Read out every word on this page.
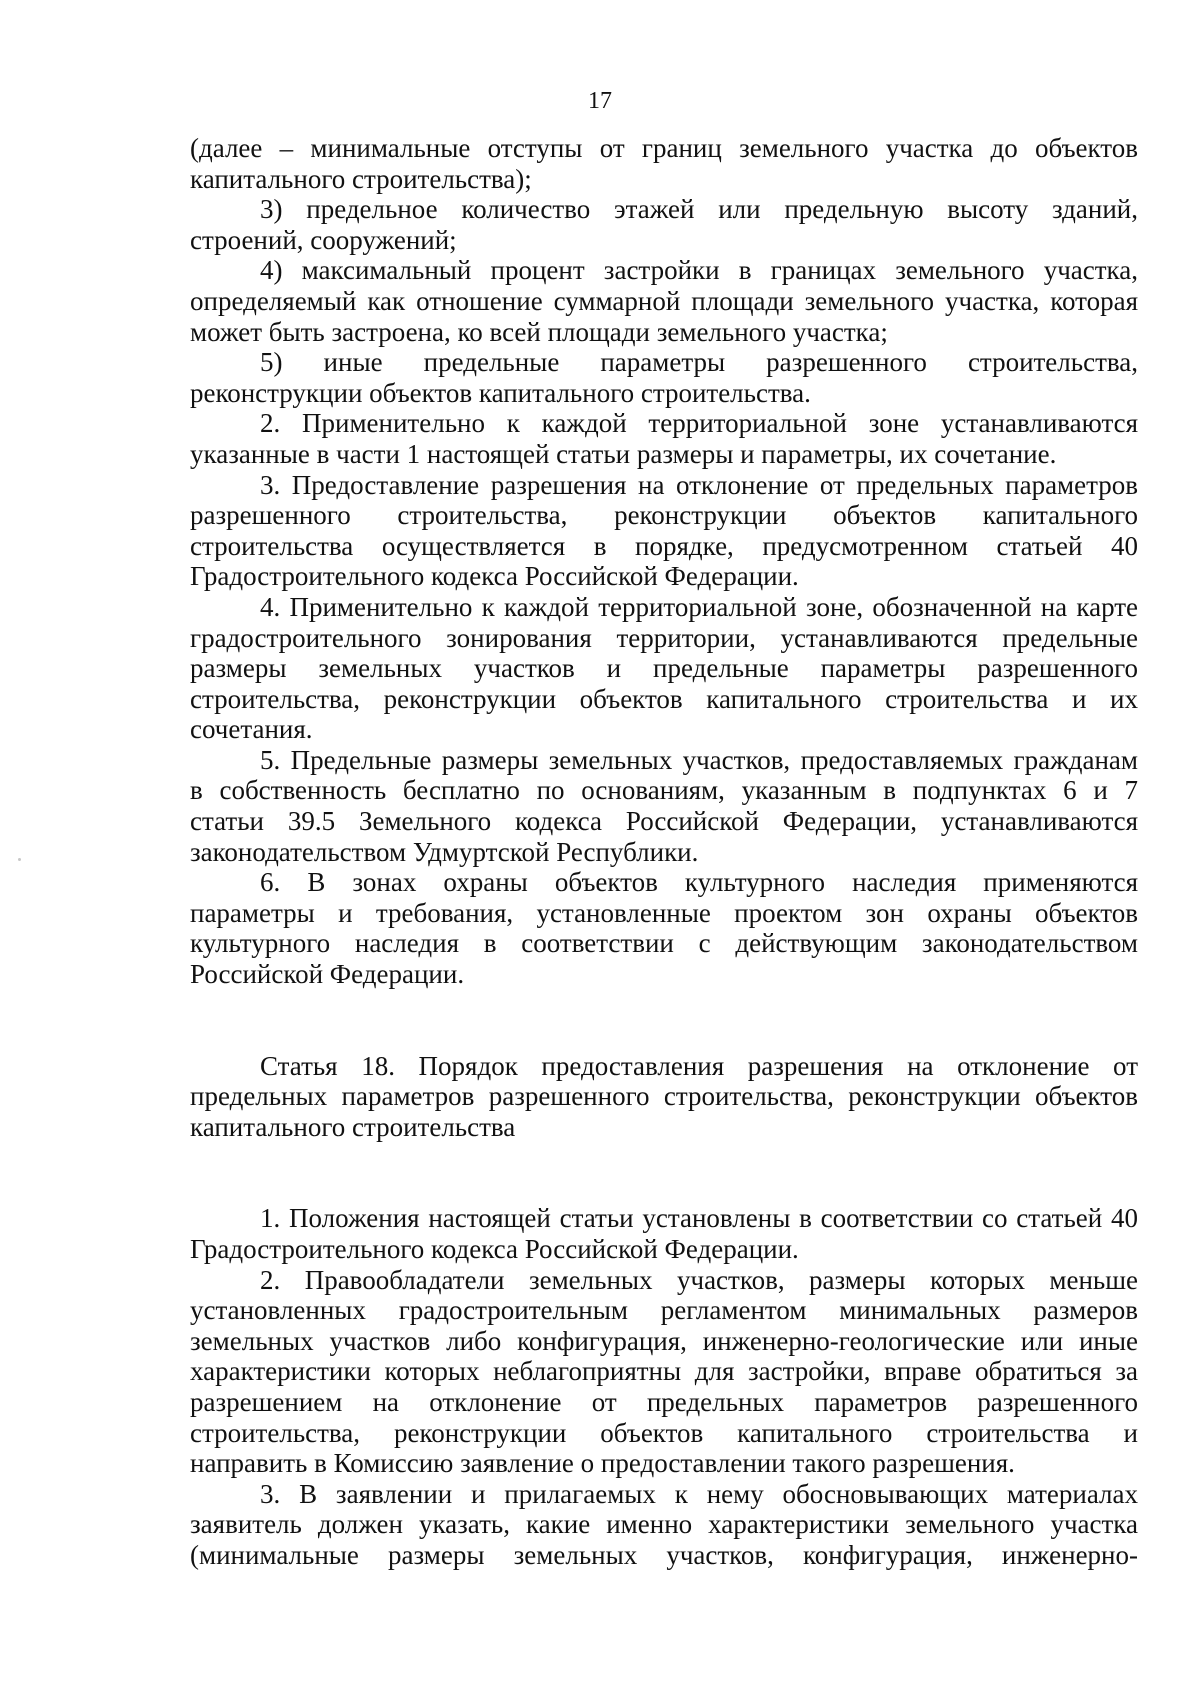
17

(далее – минимальные отступы от границ земельного участка до объектов
капитального строительства);

3) предельное количество этажей или предельную высоту зданий,
строений, сооружений;

4) максимальный процент застройки в границах земельного участка,
определяемый как отношение суммарной площади земельного участка, которая
может быть застроена, ко всей площади земельного участка;

5) иные предельные параметры разрешенного строительства,
реконструкции объектов капитального строительства.

2. Применительно к каждой территориальной зоне устанавливаются
указанные в части 1 настоящей статьи размеры и параметры, их сочетание.

3. Предоставление разрешения на отклонение от предельных параметров
разрешенного строительства, реконструкции объектов капитального
строительства осуществляется в порядке, предусмотренном статьей 40
Градостроительного кодекса Российской Федерации.

4. Применительно к каждой территориальной зоне, обозначенной на карте
градостроительного зонирования территории, устанавливаются предельные
размеры земельных участков и предельные параметры разрешенного
строительства, реконструкции объектов капитального строительства и их
сочетания.

5. Предельные размеры земельных участков, предоставляемых гражданам
в собственность бесплатно по основаниям, указанным в подпунктах 6 и 7
статьи 39.5 Земельного кодекса Российской Федерации, устанавливаются
законодательством Удмуртской Республики.

6. В зонах охраны объектов культурного наследия применяются
параметры и требования, установленные проектом зон охраны объектов
культурного наследия в соответствии с действующим законодательством
Российской Федерации.

Статья 18. Порядок предоставления разрешения на отклонение от
предельных параметров разрешенного строительства, реконструкции объектов
капитального строительства

1. Положения настоящей статьи установлены в соответствии со статьей 40
Градостроительного кодекса Российской Федерации.

2. Правообладатели земельных участков, размеры которых меньше
установленных градостроительным регламентом минимальных размеров
земельных участков либо конфигурация, инженерно-геологические или иные
характеристики которых неблагоприятны для застройки, вправе обратиться за
разрешением на отклонение от предельных параметров разрешенного
строительства, реконструкции объектов капитального строительства и
направить в Комиссию заявление о предоставлении такого разрешения.

3. В заявлении и прилагаемых к нему обосновывающих материалах
заявитель должен указать, какие именно характеристики земельного участка
(минимальные размеры земельных участков, конфигурация, инженерно-
